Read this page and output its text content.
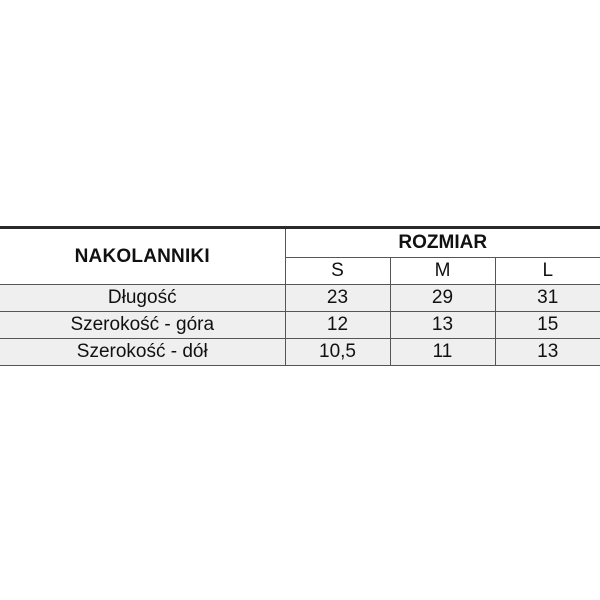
NAKOLANNIKI	ROZMIAR		
	S	M	L
Długość	23	29	31
Szerokość - góra	12	13	15
Szerokość - dół	10,5	11	13
